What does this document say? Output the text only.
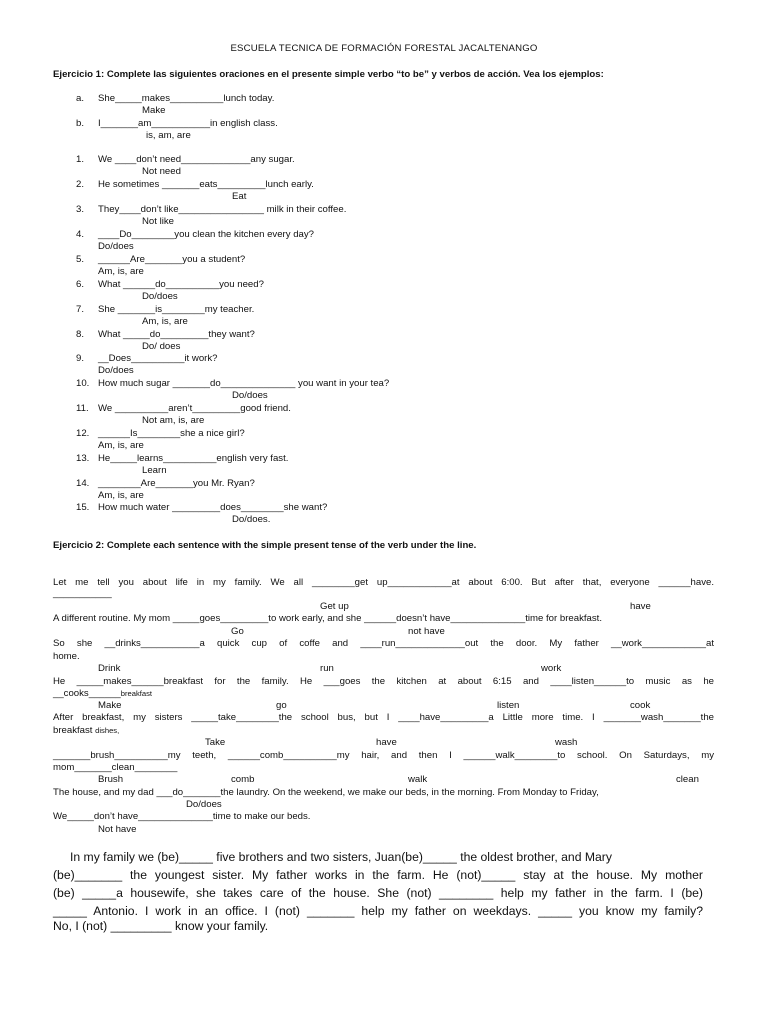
ESCUELA TECNICA DE FORMACIÓN FORESTAL JACALTENANGO
Ejercicio 1: Complete las siguientes oraciones en el presente simple verbo “to be” y verbos de acción. Vea los ejemplos:
a. She_____makes__________lunch today.
Make
b. I_______am___________in english class.
is, am, are
1. We ____don’t need_____________any sugar.
Not need
2. He sometimes _______eats_________lunch early.
Eat
3. They____don’t like________________ milk in their coffee.
Not like
4. ____Do________you clean the kitchen every day?
Do/does
5. ______Are_______you a student?
Am, is, are
6. What ______do__________you need?
Do/does
7. She _______is________my teacher.
Am, is, are
8. What _____do_________they want?
Do/ does
9. __Does__________it work?
Do/does
10. How much sugar _______do______________ you want in your tea?
Do/does
11. We __________aren’t_________good friend.
Not am, is, are
12. ______Is________she a nice girl?
Am, is, are
13. He_____learns__________english very fast.
Learn
14. ________Are_______you Mr. Ryan?
Am, is, are
15. How much water _________does________she want?
Do/does.
Ejercicio 2: Complete each sentence with the simple present tense of the verb under the line.
Let me tell you about life in my family. We all ________get up____________at about 6:00. But after that, everyone ______have.
___________
Get up	have
A different routine. My mom _____goes_________to work early, and she ______doesn’t have______________time for breakfast.
Go	not have
So she __drinks___________a quick cup of coffe and ____run_____________out the door. My father __work____________at
home.
Drink	run	work
He _____makes______breakfast for the family. He ___goes the kitchen at about 6:15 and ____listen______to music as he
__cooks______breakfast
Make	go	listen	cook
After breakfast, my sisters _____take________the school bus, but I ____have_________a Little more time. I _______wash_______the
breakfast dishes,
Take	have	wash
_______brush__________my teeth, ______comb__________my hair, and then I ______walk________to school. On Saturdays, my
mom_______clean________
Brush	comb	walk	clean
The house, and my dad ___do_______the laundry. On the weekend, we make our beds, in the morning. From Monday to Friday,
Do/does
We_____don’t have______________time to make our beds.
Not have
In my family we (be)_____ five brothers and two sisters, Juan(be)_____ the oldest brother, and Mary
(be)_______ the youngest sister. My father works in the farm. He (not)_____ stay at the house. My mother
(be) _____a housewife, she takes care of the house. She (not) ________ help my father in the farm. I (be)
_____ Antonio. I work in an office. I (not) _______ help my father on weekdays. _____ you know my family?
No, I (not) _________ know your family.
